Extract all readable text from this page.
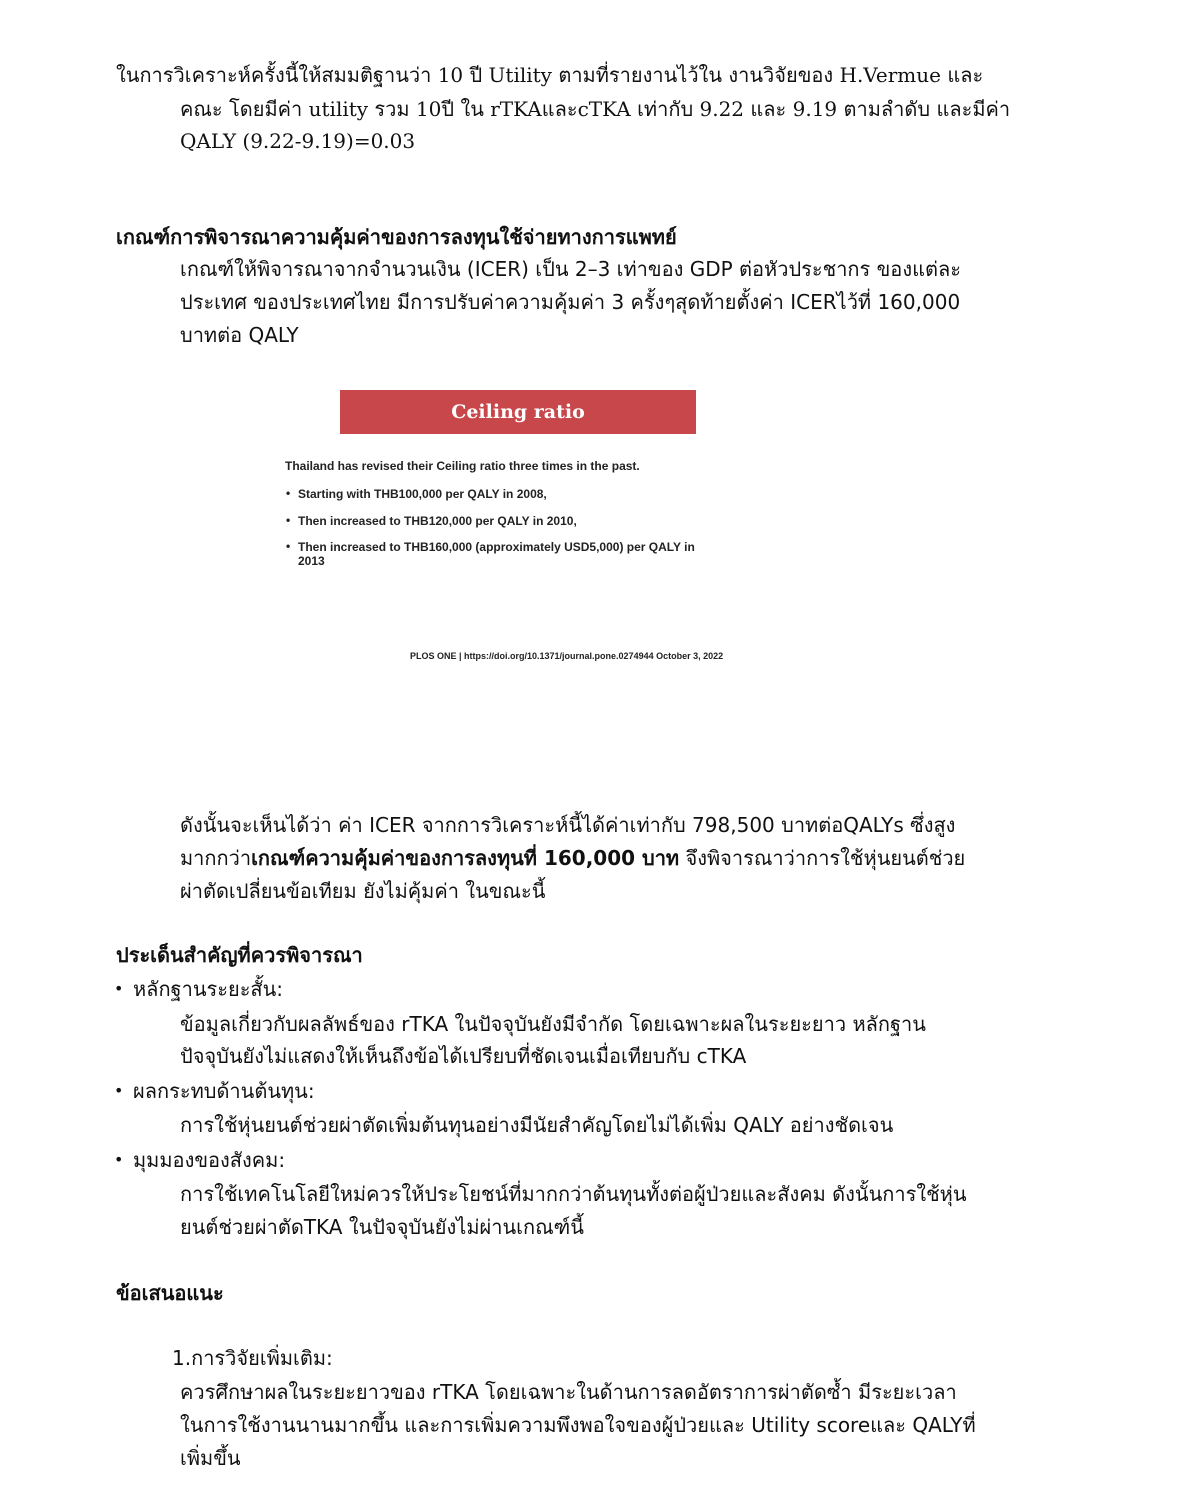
ในการวิเคราะห์ครั้งนี้ให้สมมติฐานว่า 10 ปี Utility ตามที่รายงานไว้ใน งานวิจัยของ H.Vermue และ
คณะ โดยมีค่า utility รวม 10ปี ใน rTKAและcTKA เท่ากับ 9.22 และ 9.19 ตามลำดับ และมีค่า
QALY (9.22-9.19)=0.03
เกณฑ์การพิจารณาความคุ้มค่าของการลงทุนใช้จ่ายทางการแพทย์
เกณฑ์ให้พิจารณาจากจำนวนเงิน (ICER) เป็น 2–3 เท่าของ GDP ต่อหัวประชากร ของแต่ละ
ประเทศ ของประเทศไทย มีการปรับค่าความคุ้มค่า 3 ครั้งๆสุดท้ายตั้งค่า ICERไว้ที่ 160,000
บาทต่อ QALY
Ceiling ratio
Thailand has revised their Ceiling ratio three times in the past.
• Starting with THB100,000 per QALY in 2008,
• Then increased to THB120,000 per QALY in 2010,
• Then increased to THB160,000 (approximately USD5,000) per QALY in
2013
PLOS ONE | https://doi.org/10.1371/journal.pone.0274944 October 3, 2022
ดังนั้นจะเห็นได้ว่า ค่า ICER จากการวิเคราะห์นี้ได้ค่าเท่ากับ 798,500 บาทต่อQALYs ซึ่งสูง
มากกว่าเกณฑ์ความคุ้มค่าของการลงทุนที่ 160,000 บาท จึงพิจารณาว่าการใช้หุ่นยนต์ช่วย
ผ่าตัดเปลี่ยนข้อเทียม ยังไม่คุ้มค่า ในขณะนี้
ประเด็นสำคัญที่ควรพิจารณา
• หลักฐานระยะสั้น:
ข้อมูลเกี่ยวกับผลลัพธ์ของ rTKA ในปัจจุบันยังมีจำกัด โดยเฉพาะผลในระยะยาว หลักฐาน
ปัจจุบันยังไม่แสดงให้เห็นถึงข้อได้เปรียบที่ชัดเจนเมื่อเทียบกับ cTKA
• ผลกระทบด้านต้นทุน:
การใช้หุ่นยนต์ช่วยผ่าตัดเพิ่มต้นทุนอย่างมีนัยสำคัญโดยไม่ได้เพิ่ม QALY อย่างชัดเจน
• มุมมองของสังคม:
การใช้เทคโนโลยีใหม่ควรให้ประโยชน์ที่มากกว่าต้นทุนทั้งต่อผู้ป่วยและสังคม ดังนั้นการใช้หุ่น
ยนต์ช่วยผ่าตัดTKA ในปัจจุบันยังไม่ผ่านเกณฑ์นี้
ข้อเสนอแนะ
1.การวิจัยเพิ่มเติม:
ควรศึกษาผลในระยะยาวของ rTKA โดยเฉพาะในด้านการลดอัตราการผ่าตัดซ้ำ มีระยะเวลา
ในการใช้งานนานมากขึ้น และการเพิ่มความพึงพอใจของผู้ป่วยและ Utility scoreและ QALYที่
เพิ่มขึ้น
